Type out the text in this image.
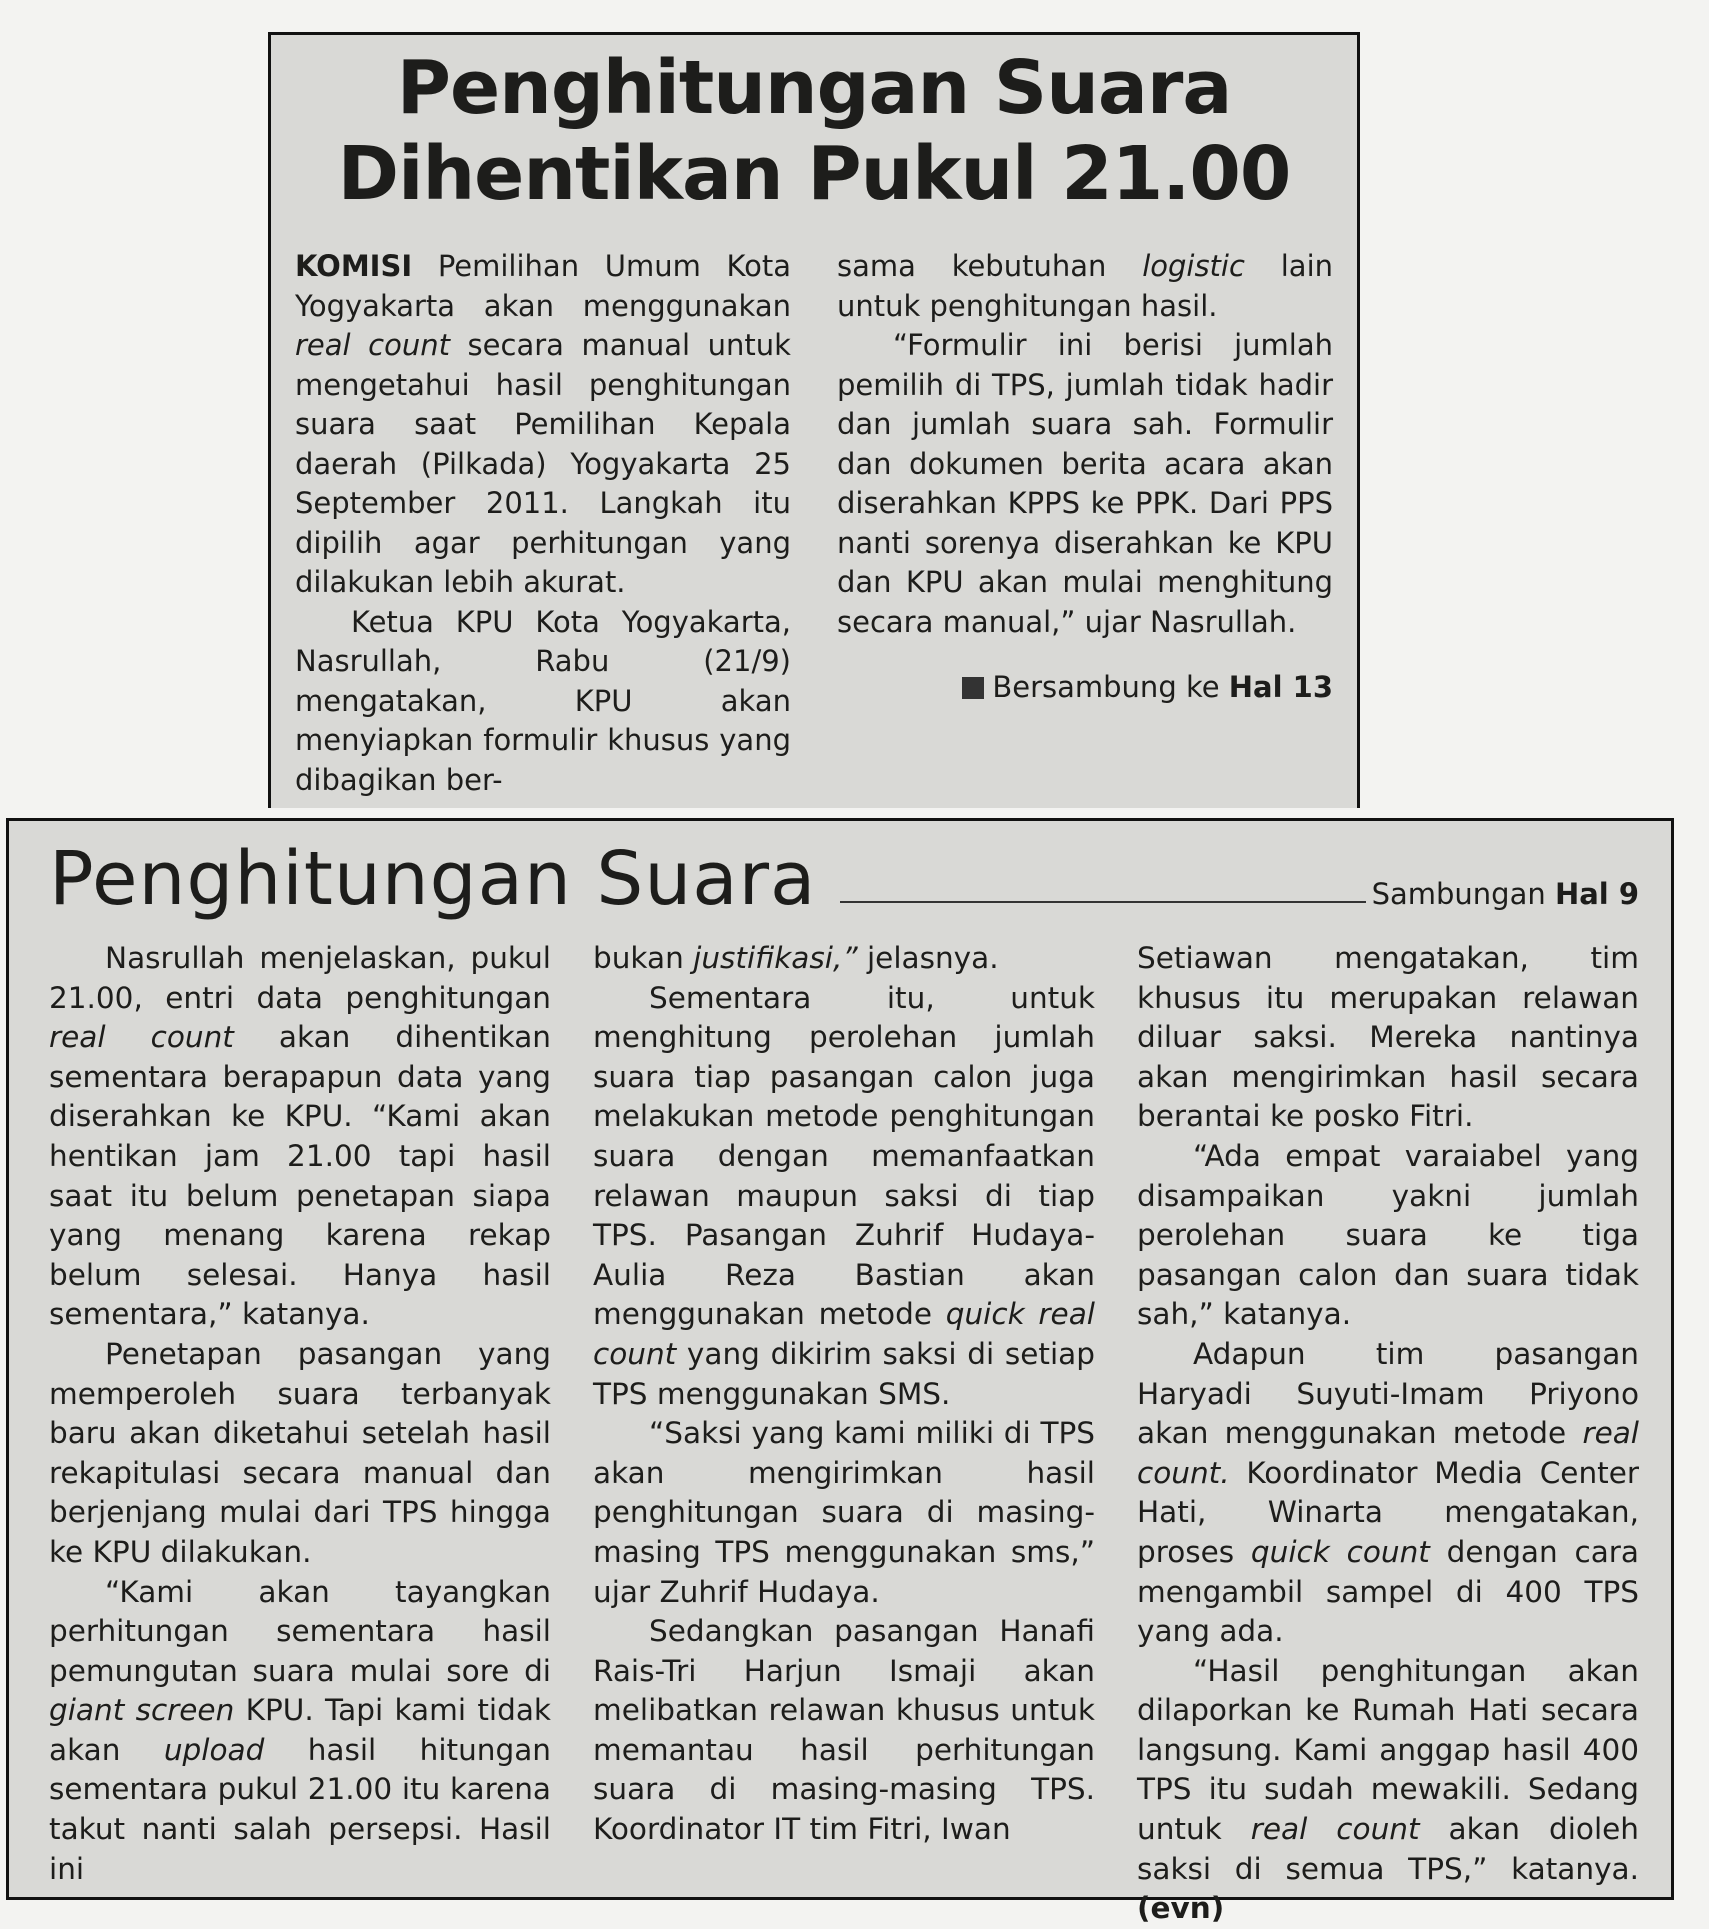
Penghitungan Suara
Dihentikan Pukul 21.00

KOMISI Pemilihan Umum Kota Yogyakarta akan menggunakan real count secara manual untuk mengetahui hasil penghitungan suara saat Pemilihan Kepala daerah (Pilkada) Yogyakarta 25 September 2011. Langkah itu dipilih agar perhitungan yang dilakukan lebih akurat.

Ketua KPU Kota Yogyakarta, Nasrullah, Rabu (21/9) mengatakan, KPU akan menyiapkan formulir khusus yang dibagikan ber-

sama kebutuhan logistic lain untuk penghitungan hasil.

“Formulir ini berisi jumlah pemilih di TPS, jumlah tidak hadir dan jumlah suara sah. Formulir dan dokumen berita acara akan diserahkan KPPS ke PPK. Dari PPS nanti sorenya diserahkan ke KPU dan KPU akan mulai menghitung secara manual,” ujar Nasrullah.

Bersambung ke Hal 13
Penghitungan Suara	Sambungan Hal 9

Nasrullah menjelaskan, pukul 21.00, entri data penghitungan real count akan dihentikan sementara berapapun data yang diserahkan ke KPU. “Kami akan hentikan jam 21.00 tapi hasil saat itu belum penetapan siapa yang menang karena rekap belum selesai. Hanya hasil sementara,” katanya.

Penetapan pasangan yang memperoleh suara terbanyak baru akan diketahui setelah hasil rekapitulasi secara manual dan berjenjang mulai dari TPS hingga ke KPU dilakukan.

“Kami akan tayangkan perhitungan sementara hasil pemungutan suara mulai sore di giant screen KPU. Tapi kami tidak akan upload hasil hitungan sementara pukul 21.00 itu karena takut nanti salah persepsi. Hasil ini

bukan justifikasi,” jelasnya.

Sementara itu, untuk menghitung perolehan jumlah suara tiap pasangan calon juga melakukan metode penghitungan suara dengan memanfaatkan relawan maupun saksi di tiap TPS. Pasangan Zuhrif Hudaya-Aulia Reza Bastian akan menggunakan metode quick real count yang dikirim saksi di setiap TPS menggunakan SMS.

“Saksi yang kami miliki di TPS akan mengirimkan hasil penghitungan suara di masing-masing TPS menggunakan sms,” ujar Zuhrif Hudaya.

Sedangkan pasangan Hanafi Rais-Tri Harjun Ismaji akan melibatkan relawan khusus untuk memantau hasil perhitungan suara di masing-masing TPS. Koordinator IT tim Fitri, Iwan

Setiawan mengatakan, tim khusus itu merupakan relawan diluar saksi. Mereka nantinya akan mengirimkan hasil secara berantai ke posko Fitri.

“Ada empat varaiabel yang disampaikan yakni jumlah perolehan suara ke tiga pasangan calon dan suara tidak sah,” katanya.

Adapun tim pasangan Haryadi Suyuti-Imam Priyono akan menggunakan metode real count. Koordinator Media Center Hati, Winarta mengatakan, proses quick count dengan cara mengambil sampel di 400 TPS yang ada.

“Hasil penghitungan akan dilaporkan ke Rumah Hati secara langsung. Kami anggap hasil 400 TPS itu sudah mewakili. Sedang untuk real count akan dioleh saksi di semua TPS,” katanya. (evn)
